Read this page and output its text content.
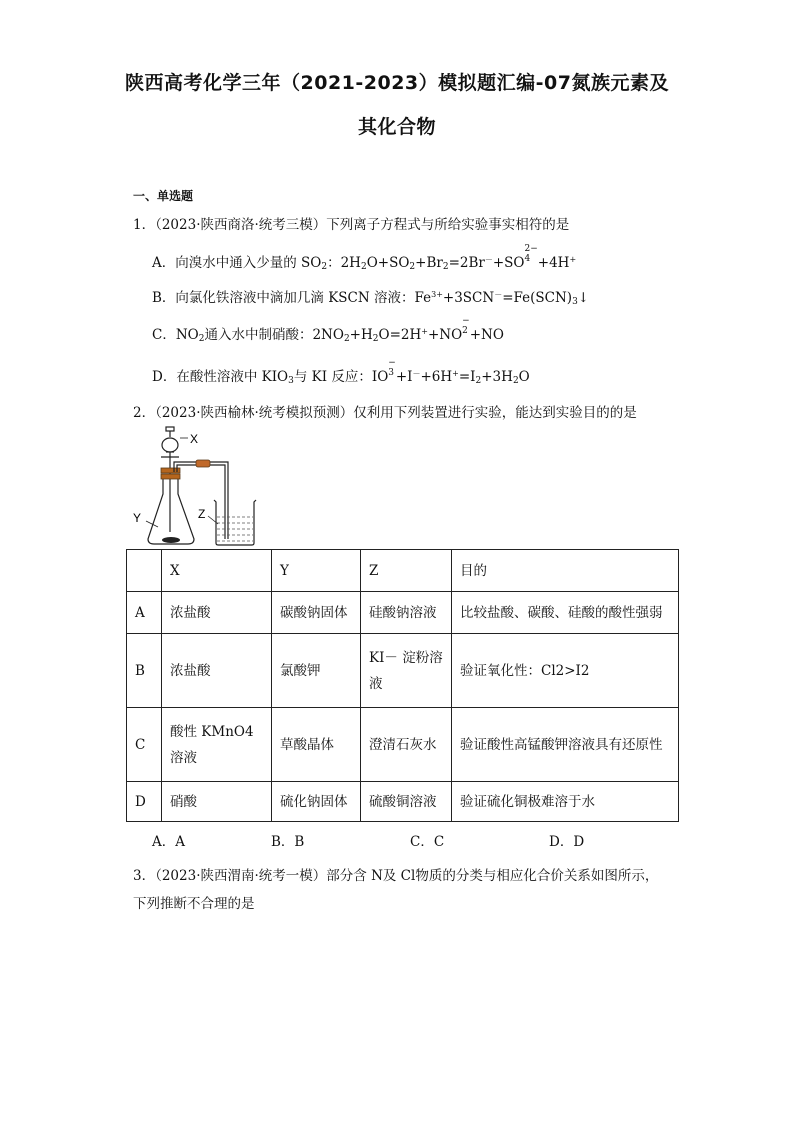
陕西高考化学三年（2021-2023）模拟题汇编-07氮族元素及
其化合物
一、单选题
1．（2023·陕西商洛·统考三模）下列离子方程式与所给实验事实相符的是
A．向溴水中通入少量的 $SO_2$：$2H_2O+SO_2+Br_2=2Br^-+SO2-$
4 +4H+
B．向氯化铁溶液中滴加几滴 KSCN 溶液：$Fe^{3+}+3SCN^-=Fe(SCN)_3↓$
C．$NO_2$通入水中制硝酸：$2NO_2+H_2O=2H^++NO-$
2 +NO
D．在酸性溶液中 $KIO_3$与 KI 反应：IO−
$3 +I^-+6H^+=I_2+3H_2O$
2．（2023·陕西榆林·统考模拟预测）仅利用下列装置进行实验，能达到实验目的的是
X
Y	Z
	X	Y	Z	目的
A	浓盐酸	碳酸钠固体	硅酸钠溶液	比较盐酸、碳酸、硅酸的酸性强弱
B	浓盐酸	氯酸钾	KI－ 淀粉溶液	验证氧化性：Cl2>I2
C	酸性 KMnO4溶液	草酸晶体	澄清石灰水	验证酸性高锰酸钾溶液具有还原性
D	硝酸	硫化钠固体	硫酸铜溶液	验证硫化铜极难溶于水
A．A	B．B	C．C	D．D
3．（2023·陕西渭南·统考一模）部分含 N及 Cl物质的分类与相应化合价关系如图所示，
下列推断不合理的是
